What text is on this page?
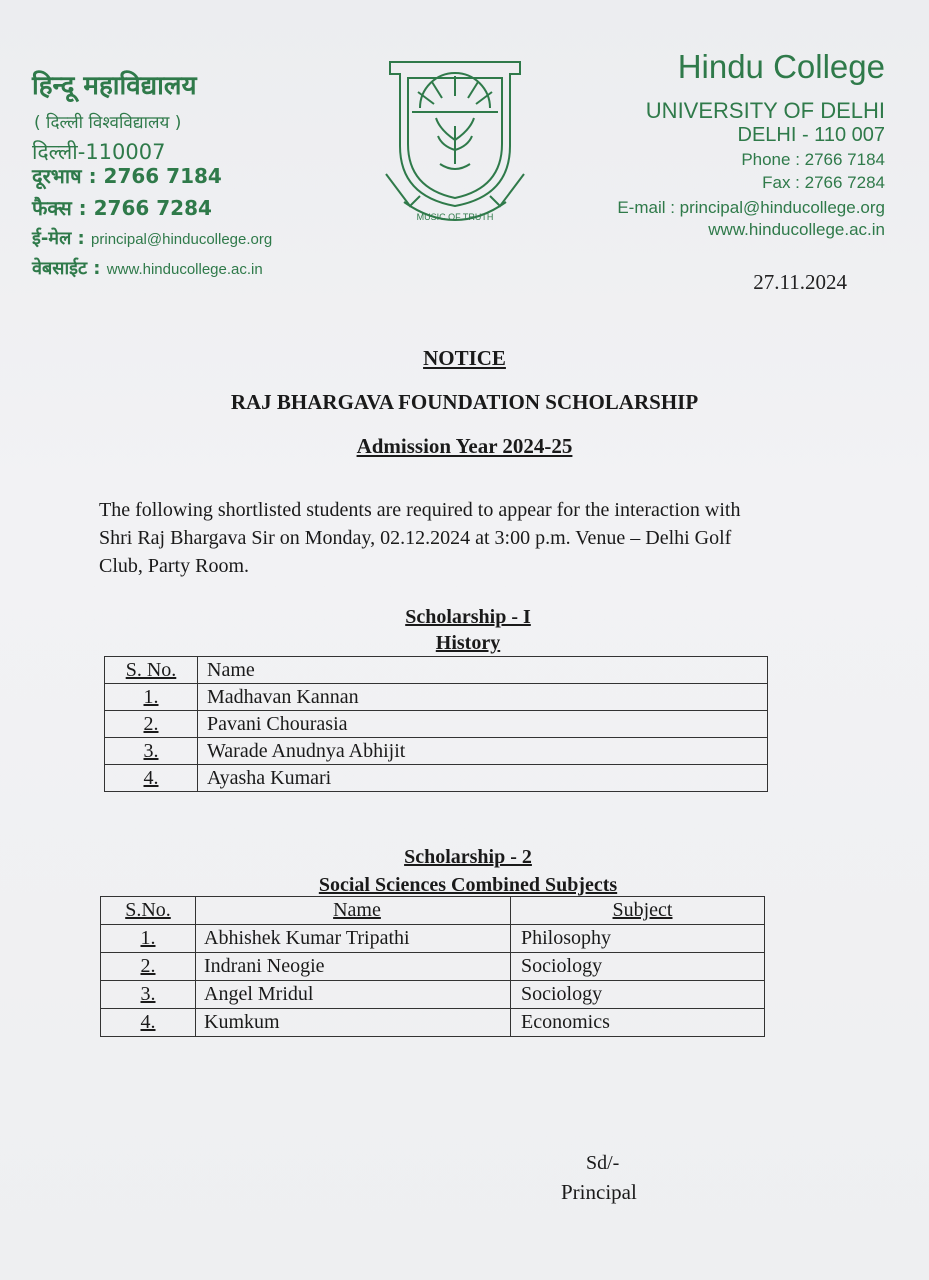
हिन्दू महाविद्यालय
( दिल्ली विश्वविद्यालय )
दिल्ली-110007
दूरभाष : 2766 7184
फैक्स : 2766 7284
ई-मेल : principal@hinducollege.org
वेबसाईट : www.hinducollege.ac.in
MUSIC OF TRUTH
Hindu College
UNIVERSITY OF DELHI
DELHI - 110 007
Phone : 2766 7184
Fax : 2766 7284
E-mail : principal@hinducollege.org
www.hinducollege.ac.in
27.11.2024
NOTICE
RAJ BHARGAVA FOUNDATION SCHOLARSHIP
Admission Year 2024-25
The following shortlisted students are required to appear for the interaction with
Shri Raj Bhargava Sir on Monday, 02.12.2024 at 3:00 p.m. Venue – Delhi Golf
Club, Party Room.
Scholarship - I
History
S. No.	Name
1.	Madhavan Kannan
2.	Pavani Chourasia
3.	Warade Anudnya Abhijit
4.	Ayasha Kumari
Scholarship - 2
Social Sciences Combined Subjects
S.No.	Name	Subject
1.	Abhishek Kumar Tripathi	Philosophy
2.	Indrani Neogie	Sociology
3.	Angel Mridul	Sociology
4.	Kumkum	Economics
Sd/-
Principal
